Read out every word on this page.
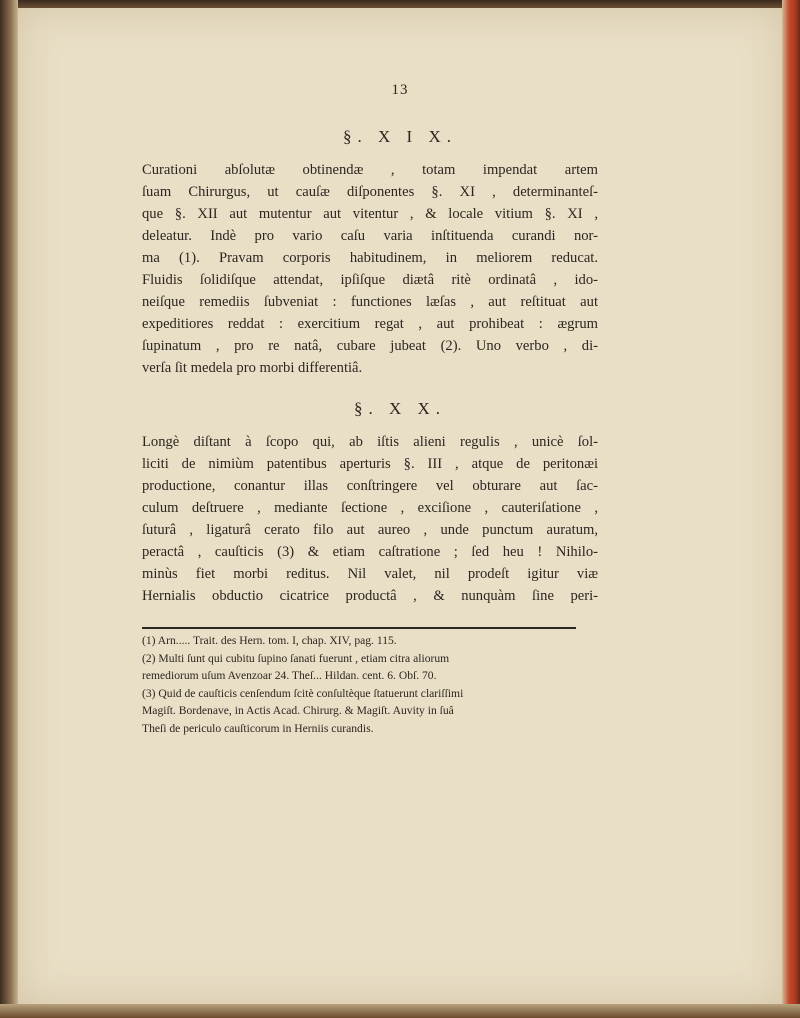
13
§. X I X.
Curationi abſolutæ obtinendæ , totam impendat artem
ſuam Chirurgus, ut cauſæ diſponentes §. XI , determinanteſ-
que §. XII aut mutentur aut vitentur , & locale vitium §. XI ,
deleatur. Indè pro vario caſu varia inſtituenda curandi nor-
ma (1). Pravam corporis habitudinem, in meliorem reducat.
Fluidis ſolidiſque attendat, ipſiſque diætâ ritè ordinatâ , ido-
neiſque remediis ſubveniat : functiones læſas , aut reſtituat aut
expeditiores reddat : exercitium regat , aut prohibeat : ægrum
ſupinatum , pro re natâ, cubare jubeat (2). Uno verbo , di-
verſa ſit medela pro morbi differentiâ.
§. X X.
Longè diſtant à ſcopo qui, ab iſtis alieni regulis , unicè ſol-
liciti de nimiùm patentibus aperturis §. III , atque de peritonæi
productione, conantur illas conſtringere vel obturare aut ſac-
culum deſtruere , mediante ſectione , exciſione , cauteriſatione ,
ſuturâ , ligaturâ cerato filo aut aureo , unde punctum auratum,
peractâ , cauſticis (3) & etiam caſtratione ; ſed heu ! Nihilo-
minùs fiet morbi reditus. Nil valet, nil prodeſt igitur viæ
Hernialis obductio cicatrice productâ , & nunquàm ſine peri-
(1) Arn..... Trait. des Hern. tom. I, chap. XIV, pag. 115.
(2) Multi ſunt qui cubitu ſupino ſanati fuerunt , etiam citra aliorum
remediorum uſum Avenzoar 24. Theſ... Hildan. cent. 6. Obſ. 70.
(3) Quid de cauſticis cenſendum ſcitè conſultèque ſtatuerunt clariſſimi
Magiſt. Bordenave, in Actis Acad. Chirurg. & Magiſt. Auvity in ſuâ
Theſi de periculo cauſticorum in Herniis curandis.
